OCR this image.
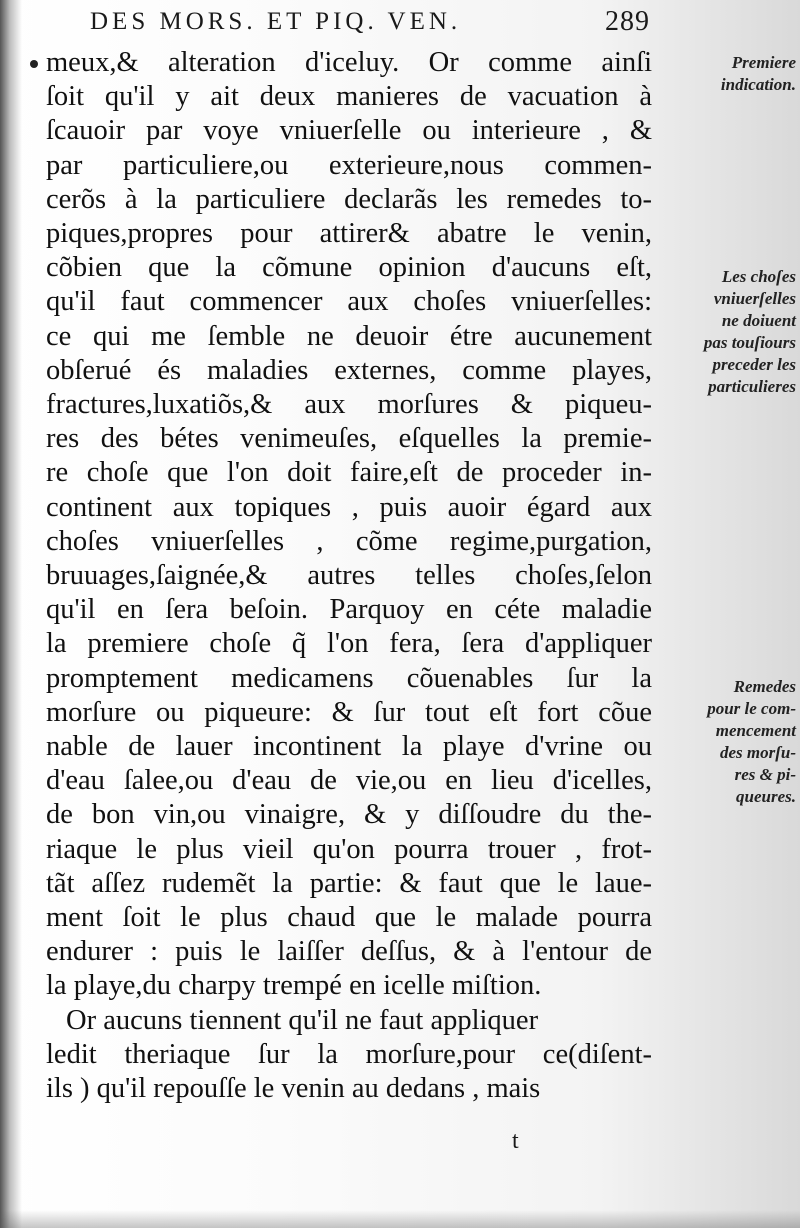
DES MORS. ET PIQ. VEN.	289
meux,& alteration d'iceluy. Or comme ainſi
ſoit qu'il y ait deux manieres de vacuation à
ſcauoir par voye vniuerſelle ou interieure , &
par particuliere,ou exterieure,nous commen-
cerõs à la particuliere declarãs les remedes to-
piques,propres pour attirer& abatre le venin,
cõbien que la cõmune opinion d'aucuns eſt,
qu'il faut commencer aux choſes vniuerſelles:
ce qui me ſemble ne deuoir étre aucunement
obſerué és maladies externes, comme playes,
fractures,luxatiõs,& aux morſures & piqueu-
res des bétes venimeuſes, eſquelles la premie-
re choſe que l'on doit faire,eſt de proceder in-
continent aux topiques , puis auoir égard aux
choſes vniuerſelles , cõme regime,purgation,
bruuages,ſaignée,& autres telles choſes,ſelon
qu'il en ſera beſoin. Parquoy en céte maladie
la premiere choſe q̃ l'on fera, ſera d'appliquer
promptement medicamens cõuenables ſur la
morſure ou piqueure: & ſur tout eſt fort cõue
nable de lauer incontinent la playe d'vrine ou
d'eau ſalee,ou d'eau de vie,ou en lieu d'icelles,
de bon vin,ou vinaigre, & y diſſoudre du the-
riaque le plus vieil qu'on pourra trouer , frot-
tãt aſſez rudemẽt la partie: & faut que le laue-
ment ſoit le plus chaud que le malade pourra
endurer : puis le laiſſer deſſus, & à l'entour de
la playe,du charpy trempé en icelle miſtion.
Or aucuns tiennent qu'il ne faut appliquer
ledit theriaque ſur la morſure,pour ce(diſent-
ils ) qu'il repouſſe le venin au dedans , mais
Premiere
indication.
Les choſes
vniuerſelles
ne doiuent
pas touſiours
preceder les
particulieres
Remedes
pour le com-
mencement
des morſu-
res & pi-
queures.
t
